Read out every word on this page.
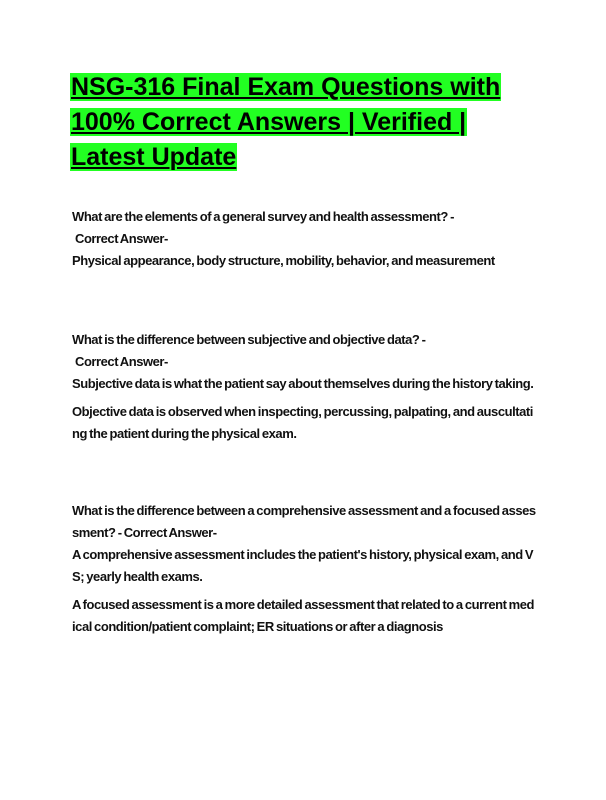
NSG-316 Final Exam Questions with 100% Correct Answers | Verified | Latest Update

What are the elements of a general survey and health assessment? -

Correct Answer-

Physical appearance, body structure, mobility, behavior, and measurement

What is the difference between subjective and objective data? -

Correct Answer-

Subjective data is what the patient say about themselves during the history taking.

Objective data is observed when inspecting, percussing, palpating, and auscultating the patient during the physical exam.

What is the difference between a comprehensive assessment and a focused assessment? - Correct Answer-

A comprehensive assessment includes the patient's history, physical exam, and VS; yearly health exams.

A focused assessment is a more detailed assessment that related to a current medical condition/patient complaint; ER situations or after a diagnosis
